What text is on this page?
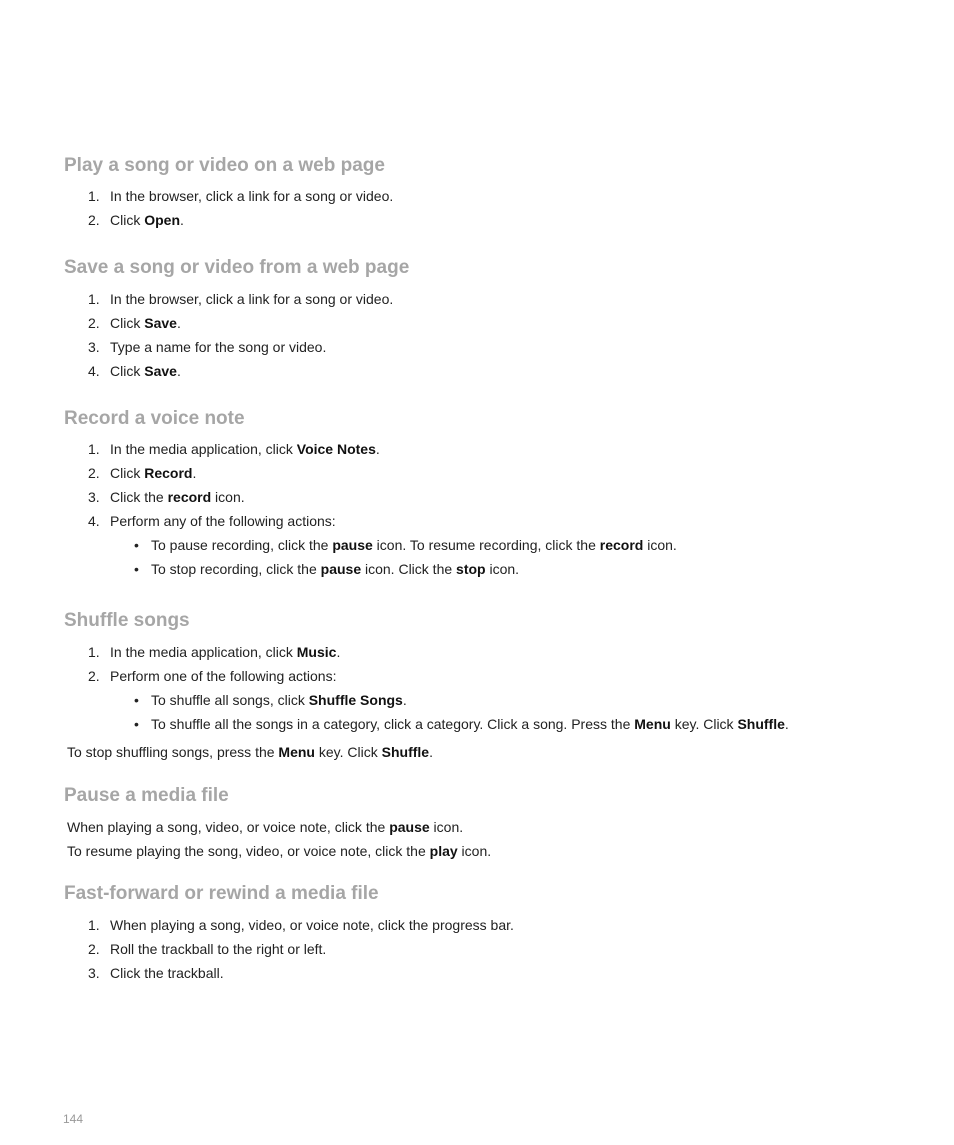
Play a song or video on a web page
1. In the browser, click a link for a song or video.
2. Click Open.
Save a song or video from a web page
1. In the browser, click a link for a song or video.
2. Click Save.
3. Type a name for the song or video.
4. Click Save.
Record a voice note
1. In the media application, click Voice Notes.
2. Click Record.
3. Click the record icon.
4. Perform any of the following actions:
• To pause recording, click the pause icon. To resume recording, click the record icon.
• To stop recording, click the pause icon. Click the stop icon.
Shuffle songs
1. In the media application, click Music.
2. Perform one of the following actions:
• To shuffle all songs, click Shuffle Songs.
• To shuffle all the songs in a category, click a category. Click a song. Press the Menu key. Click Shuffle.
To stop shuffling songs, press the Menu key. Click Shuffle.
Pause a media file
When playing a song, video, or voice note, click the pause icon.
To resume playing the song, video, or voice note, click the play icon.
Fast-forward or rewind a media file
1. When playing a song, video, or voice note, click the progress bar.
2. Roll the trackball to the right or left.
3. Click the trackball.
144
